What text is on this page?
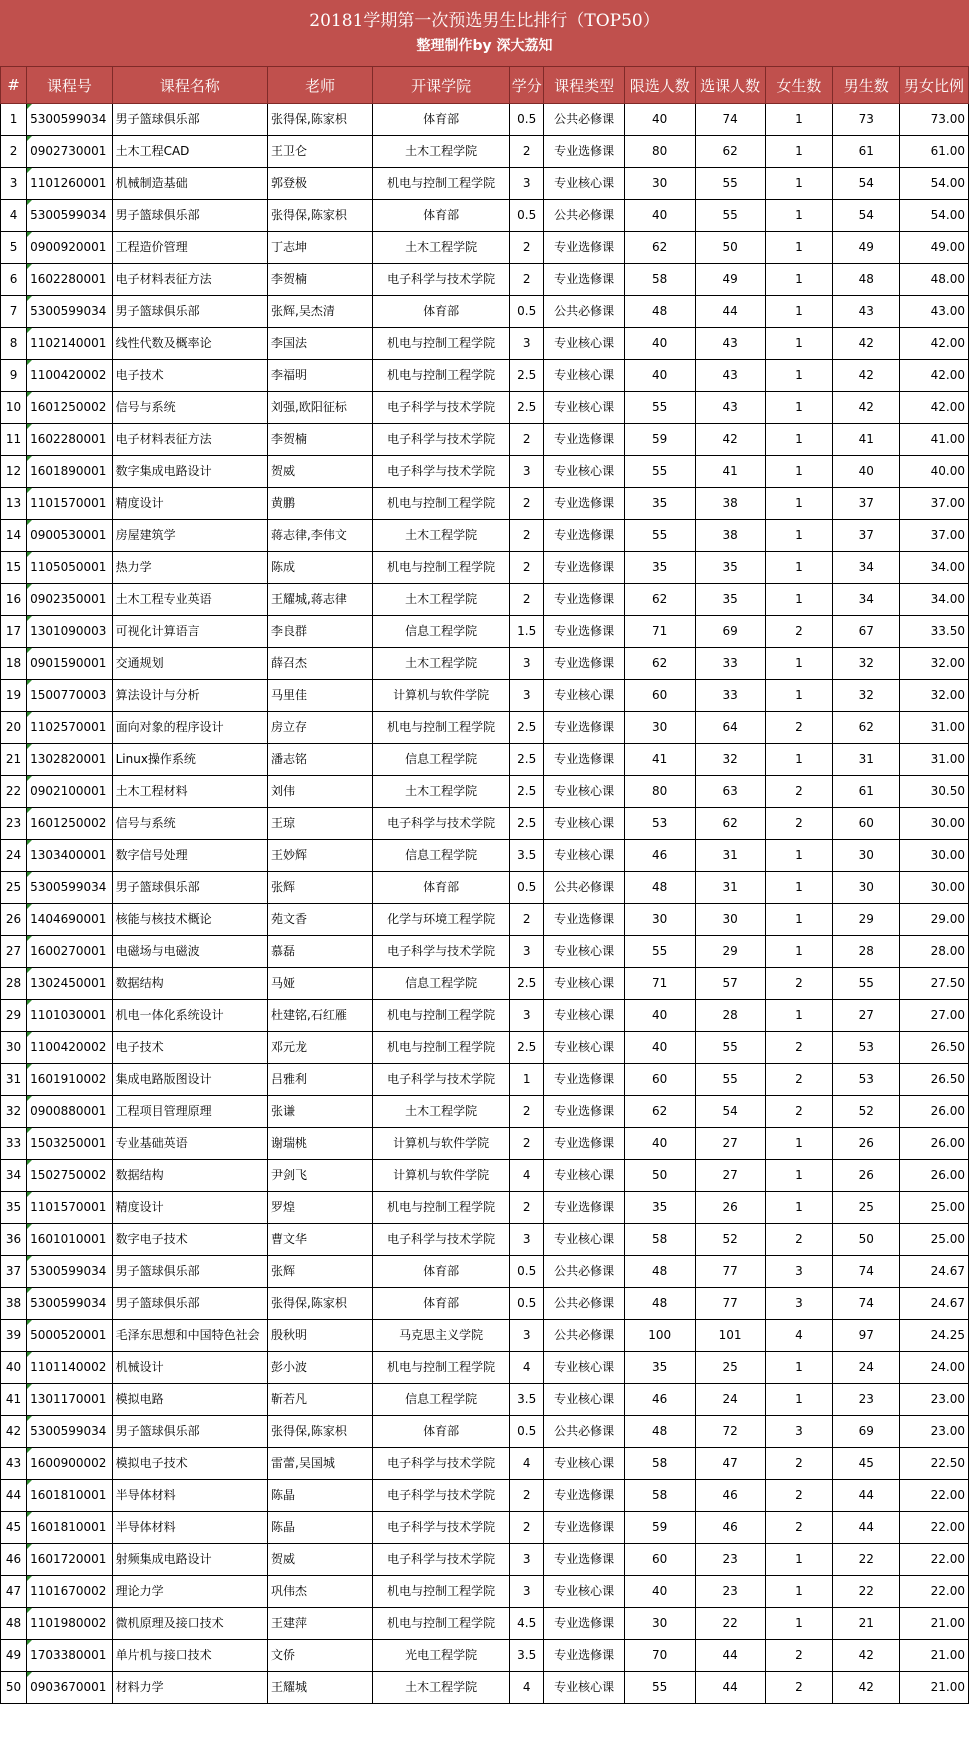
20181学期第一次预选男生比排行（TOP50）
整理制作by 深大荔知
#	课程号	课程名称	老师	开课学院	学分	课程类型	限选人数	选课人数	女生数	男生数	男女比例
1	5300599034	男子篮球俱乐部	张得保,陈家枳	体育部	0.5	公共必修课	40	74	1	73	73.00
2	0902730001	土木工程CAD	王卫仑	土木工程学院	2	专业选修课	80	62	1	61	61.00
3	1101260001	机械制造基础	郭登极	机电与控制工程学院	3	专业核心课	30	55	1	54	54.00
4	5300599034	男子篮球俱乐部	张得保,陈家枳	体育部	0.5	公共必修课	40	55	1	54	54.00
5	0900920001	工程造价管理	丁志坤	土木工程学院	2	专业选修课	62	50	1	49	49.00
6	1602280001	电子材料表征方法	李贺楠	电子科学与技术学院	2	专业选修课	58	49	1	48	48.00
7	5300599034	男子篮球俱乐部	张辉,吴杰清	体育部	0.5	公共必修课	48	44	1	43	43.00
8	1102140001	线性代数及概率论	李国法	机电与控制工程学院	3	专业核心课	40	43	1	42	42.00
9	1100420002	电子技术	李福明	机电与控制工程学院	2.5	专业核心课	40	43	1	42	42.00
10	1601250002	信号与系统	刘强,欧阳征标	电子科学与技术学院	2.5	专业核心课	55	43	1	42	42.00
11	1602280001	电子材料表征方法	李贺楠	电子科学与技术学院	2	专业选修课	59	42	1	41	41.00
12	1601890001	数字集成电路设计	贺威	电子科学与技术学院	3	专业核心课	55	41	1	40	40.00
13	1101570001	精度设计	黄鹏	机电与控制工程学院	2	专业选修课	35	38	1	37	37.00
14	0900530001	房屋建筑学	蒋志律,李伟文	土木工程学院	2	专业选修课	55	38	1	37	37.00
15	1105050001	热力学	陈成	机电与控制工程学院	2	专业选修课	35	35	1	34	34.00
16	0902350001	土木工程专业英语	王耀城,蒋志律	土木工程学院	2	专业选修课	62	35	1	34	34.00
17	1301090003	可视化计算语言	李良群	信息工程学院	1.5	专业选修课	71	69	2	67	33.50
18	0901590001	交通规划	薛召杰	土木工程学院	3	专业选修课	62	33	1	32	32.00
19	1500770003	算法设计与分析	马里佳	计算机与软件学院	3	专业核心课	60	33	1	32	32.00
20	1102570001	面向对象的程序设计	房立存	机电与控制工程学院	2.5	专业选修课	30	64	2	62	31.00
21	1302820001	Linux操作系统	潘志铭	信息工程学院	2.5	专业选修课	41	32	1	31	31.00
22	0902100001	土木工程材料	刘伟	土木工程学院	2.5	专业核心课	80	63	2	61	30.50
23	1601250002	信号与系统	王琼	电子科学与技术学院	2.5	专业核心课	53	62	2	60	30.00
24	1303400001	数字信号处理	王妙辉	信息工程学院	3.5	专业核心课	46	31	1	30	30.00
25	5300599034	男子篮球俱乐部	张辉	体育部	0.5	公共必修课	48	31	1	30	30.00
26	1404690001	核能与核技术概论	苑文香	化学与环境工程学院	2	专业选修课	30	30	1	29	29.00
27	1600270001	电磁场与电磁波	慕磊	电子科学与技术学院	3	专业核心课	55	29	1	28	28.00
28	1302450001	数据结构	马娅	信息工程学院	2.5	专业核心课	71	57	2	55	27.50
29	1101030001	机电一体化系统设计	杜建铭,石红雁	机电与控制工程学院	3	专业核心课	40	28	1	27	27.00
30	1100420002	电子技术	邓元龙	机电与控制工程学院	2.5	专业核心课	40	55	2	53	26.50
31	1601910002	集成电路版图设计	吕雅利	电子科学与技术学院	1	专业选修课	60	55	2	53	26.50
32	0900880001	工程项目管理原理	张谦	土木工程学院	2	专业选修课	62	54	2	52	26.00
33	1503250001	专业基础英语	谢瑞桃	计算机与软件学院	2	专业选修课	40	27	1	26	26.00
34	1502750002	数据结构	尹剑飞	计算机与软件学院	4	专业核心课	50	27	1	26	26.00
35	1101570001	精度设计	罗煌	机电与控制工程学院	2	专业选修课	35	26	1	25	25.00
36	1601010001	数字电子技术	曹文华	电子科学与技术学院	3	专业核心课	58	52	2	50	25.00
37	5300599034	男子篮球俱乐部	张辉	体育部	0.5	公共必修课	48	77	3	74	24.67
38	5300599034	男子篮球俱乐部	张得保,陈家枳	体育部	0.5	公共必修课	48	77	3	74	24.67
39	5000520001	毛泽东思想和中国特色社会	殷秋明	马克思主义学院	3	公共必修课	100	101	4	97	24.25
40	1101140002	机械设计	彭小波	机电与控制工程学院	4	专业核心课	35	25	1	24	24.00
41	1301170001	模拟电路	靳若凡	信息工程学院	3.5	专业核心课	46	24	1	23	23.00
42	5300599034	男子篮球俱乐部	张得保,陈家枳	体育部	0.5	公共必修课	48	72	3	69	23.00
43	1600900002	模拟电子技术	雷蕾,吴国城	电子科学与技术学院	4	专业核心课	58	47	2	45	22.50
44	1601810001	半导体材料	陈晶	电子科学与技术学院	2	专业选修课	58	46	2	44	22.00
45	1601810001	半导体材料	陈晶	电子科学与技术学院	2	专业选修课	59	46	2	44	22.00
46	1601720001	射频集成电路设计	贺威	电子科学与技术学院	3	专业选修课	60	23	1	22	22.00
47	1101670002	理论力学	巩伟杰	机电与控制工程学院	3	专业核心课	40	23	1	22	22.00
48	1101980002	微机原理及接口技术	王建萍	机电与控制工程学院	4.5	专业选修课	30	22	1	21	21.00
49	1703380001	单片机与接口技术	文侨	光电工程学院	3.5	专业选修课	70	44	2	42	21.00
50	0903670001	材料力学	王耀城	土木工程学院	4	专业核心课	55	44	2	42	21.00
